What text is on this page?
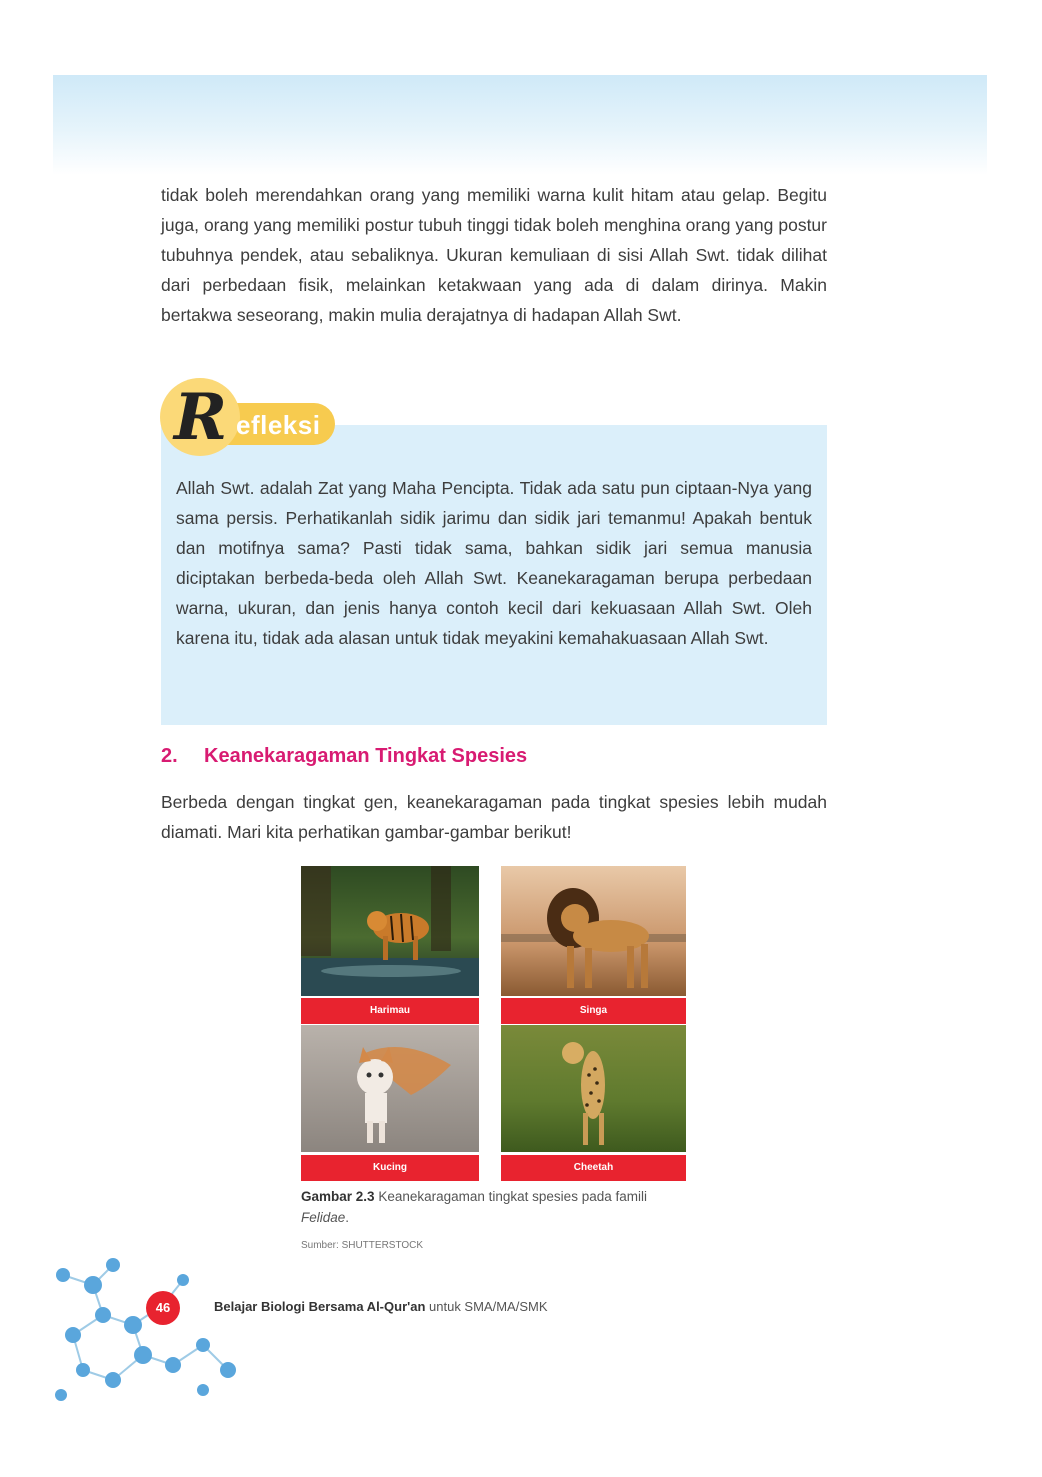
tidak boleh merendahkan orang yang memiliki warna kulit hitam atau gelap. Begitu juga, orang yang memiliki postur tubuh tinggi tidak boleh menghina orang yang postur tubuhnya pendek, atau sebaliknya. Ukuran kemuliaan di sisi Allah Swt. tidak dilihat dari perbedaan fisik, melainkan ketakwaan yang ada di dalam dirinya. Makin bertakwa seseorang, makin mulia derajatnya di hadapan Allah Swt.

Allah Swt. adalah Zat yang Maha Pencipta. Tidak ada satu pun ciptaan-Nya yang sama persis. Perhatikanlah sidik jarimu dan sidik jari temanmu! Apakah bentuk dan motifnya sama? Pasti tidak sama, bahkan sidik jari semua manusia diciptakan berbeda-beda oleh Allah Swt. Keanekaragaman berupa perbedaan warna, ukuran, dan jenis hanya contoh kecil dari kekuasaan Allah Swt. Oleh karena itu, tidak ada alasan untuk tidak meyakini kemahakuasaan Allah Swt.

R efleksi
2. Keanekaragaman Tingkat Spesies

Berbeda dengan tingkat gen, keanekaragaman pada tingkat spesies lebih mudah diamati. Mari kita perhatikan gambar-gambar berikut!

Harimau	Singa
Kucing	Cheetah

Gambar 2.3 Keanekaragaman tingkat spesies pada famili Felidae.

Sumber: SHUTTERSTOCK
46	Belajar Biologi Bersama Al-Qur'an untuk SMA/MA/SMK
